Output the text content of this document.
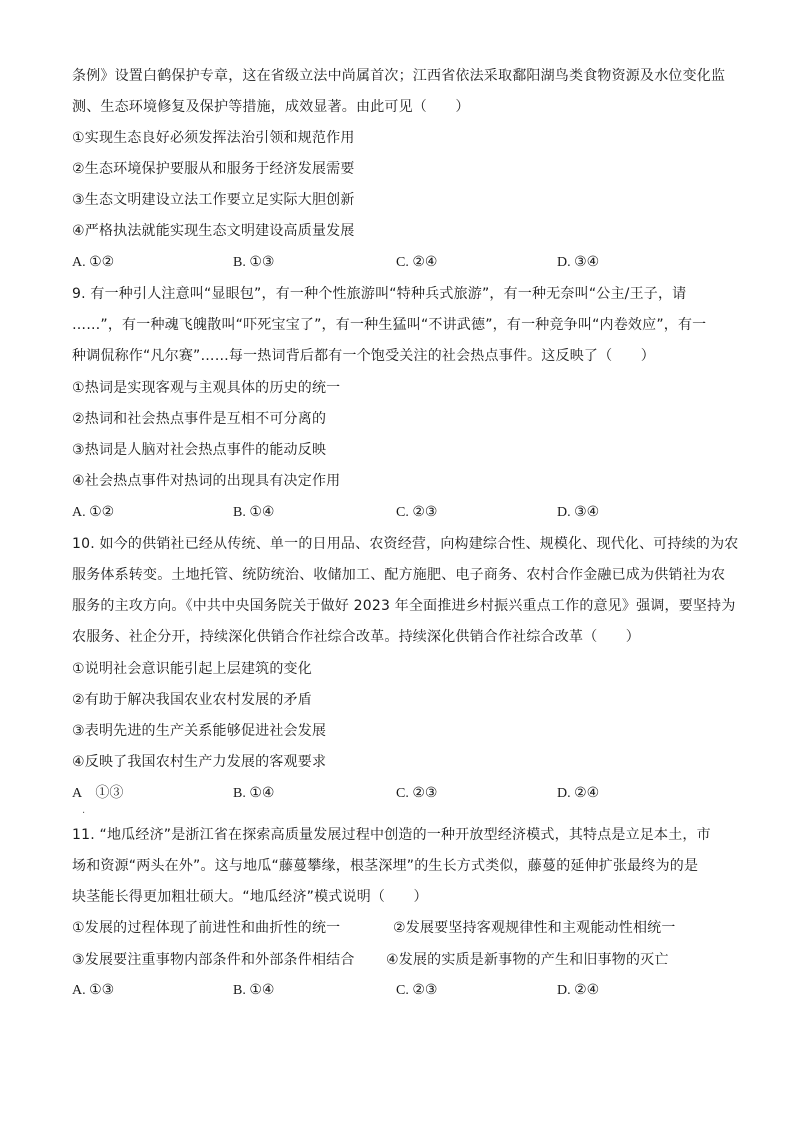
条例》设置白鹤保护专章，这在省级立法中尚属首次；江西省依法采取鄱阳湖鸟类食物资源及水位变化监
测、生态环境修复及保护等措施，成效显著。由此可见（　　）
①实现生态良好必须发挥法治引领和规范作用
②生态环境保护要服从和服务于经济发展需要
③生态文明建设立法工作要立足实际大胆创新
④严格执法就能实现生态文明建设高质量发展
A. ①②	B. ①③	C. ②④	D. ③④
9. 有一种引人注意叫“显眼包”，有一种个性旅游叫“特种兵式旅游”，有一种无奈叫“公主/王子，请
……”，有一种魂飞魄散叫“吓死宝宝了”，有一种生猛叫“不讲武德”，有一种竞争叫“内卷效应”，有一
种调侃称作“凡尔赛”……每一热词背后都有一个饱受关注的社会热点事件。这反映了（　　）
①热词是实现客观与主观具体的历史的统一
②热词和社会热点事件是互相不可分离的
③热词是人脑对社会热点事件的能动反映
④社会热点事件对热词的出现具有决定作用
A. ①②	B. ①④	C. ②③	D. ③④
10. 如今的供销社已经从传统、单一的日用品、农资经营，向构建综合性、规模化、现代化、可持续的为农
服务体系转变。土地托管、统防统治、收储加工、配方施肥、电子商务、农村合作金融已成为供销社为农
服务的主攻方向。《中共中央国务院关于做好 2023 年全面推进乡村振兴重点工作的意见》强调，要坚持为
农服务、社企分开，持续深化供销合作社综合改革。持续深化供销合作社综合改革（　　）
①说明社会意识能引起上层建筑的变化
②有助于解决我国农业农村发展的矛盾
③表明先进的生产关系能够促进社会发展
④反映了我国农村生产力发展的客观要求
A　①③	B. ①④	C. ②③	D. ②④
·
11. “地瓜经济”是浙江省在探索高质量发展过程中创造的一种开放型经济模式，其特点是立足本土，市
场和资源“两头在外”。这与地瓜“藤蔓攀缘，根茎深埋”的生长方式类似，藤蔓的延伸扩张最终为的是
块茎能长得更加粗壮硕大。“地瓜经济”模式说明（　　）
①发展的过程体现了前进性和曲折性的统一	②发展要坚持客观规律性和主观能动性相统一
③发展要注重事物内部条件和外部条件相结合 ④发展的实质是新事物的产生和旧事物的灭亡
A. ①③	B. ①④	C. ②③	D. ②④
